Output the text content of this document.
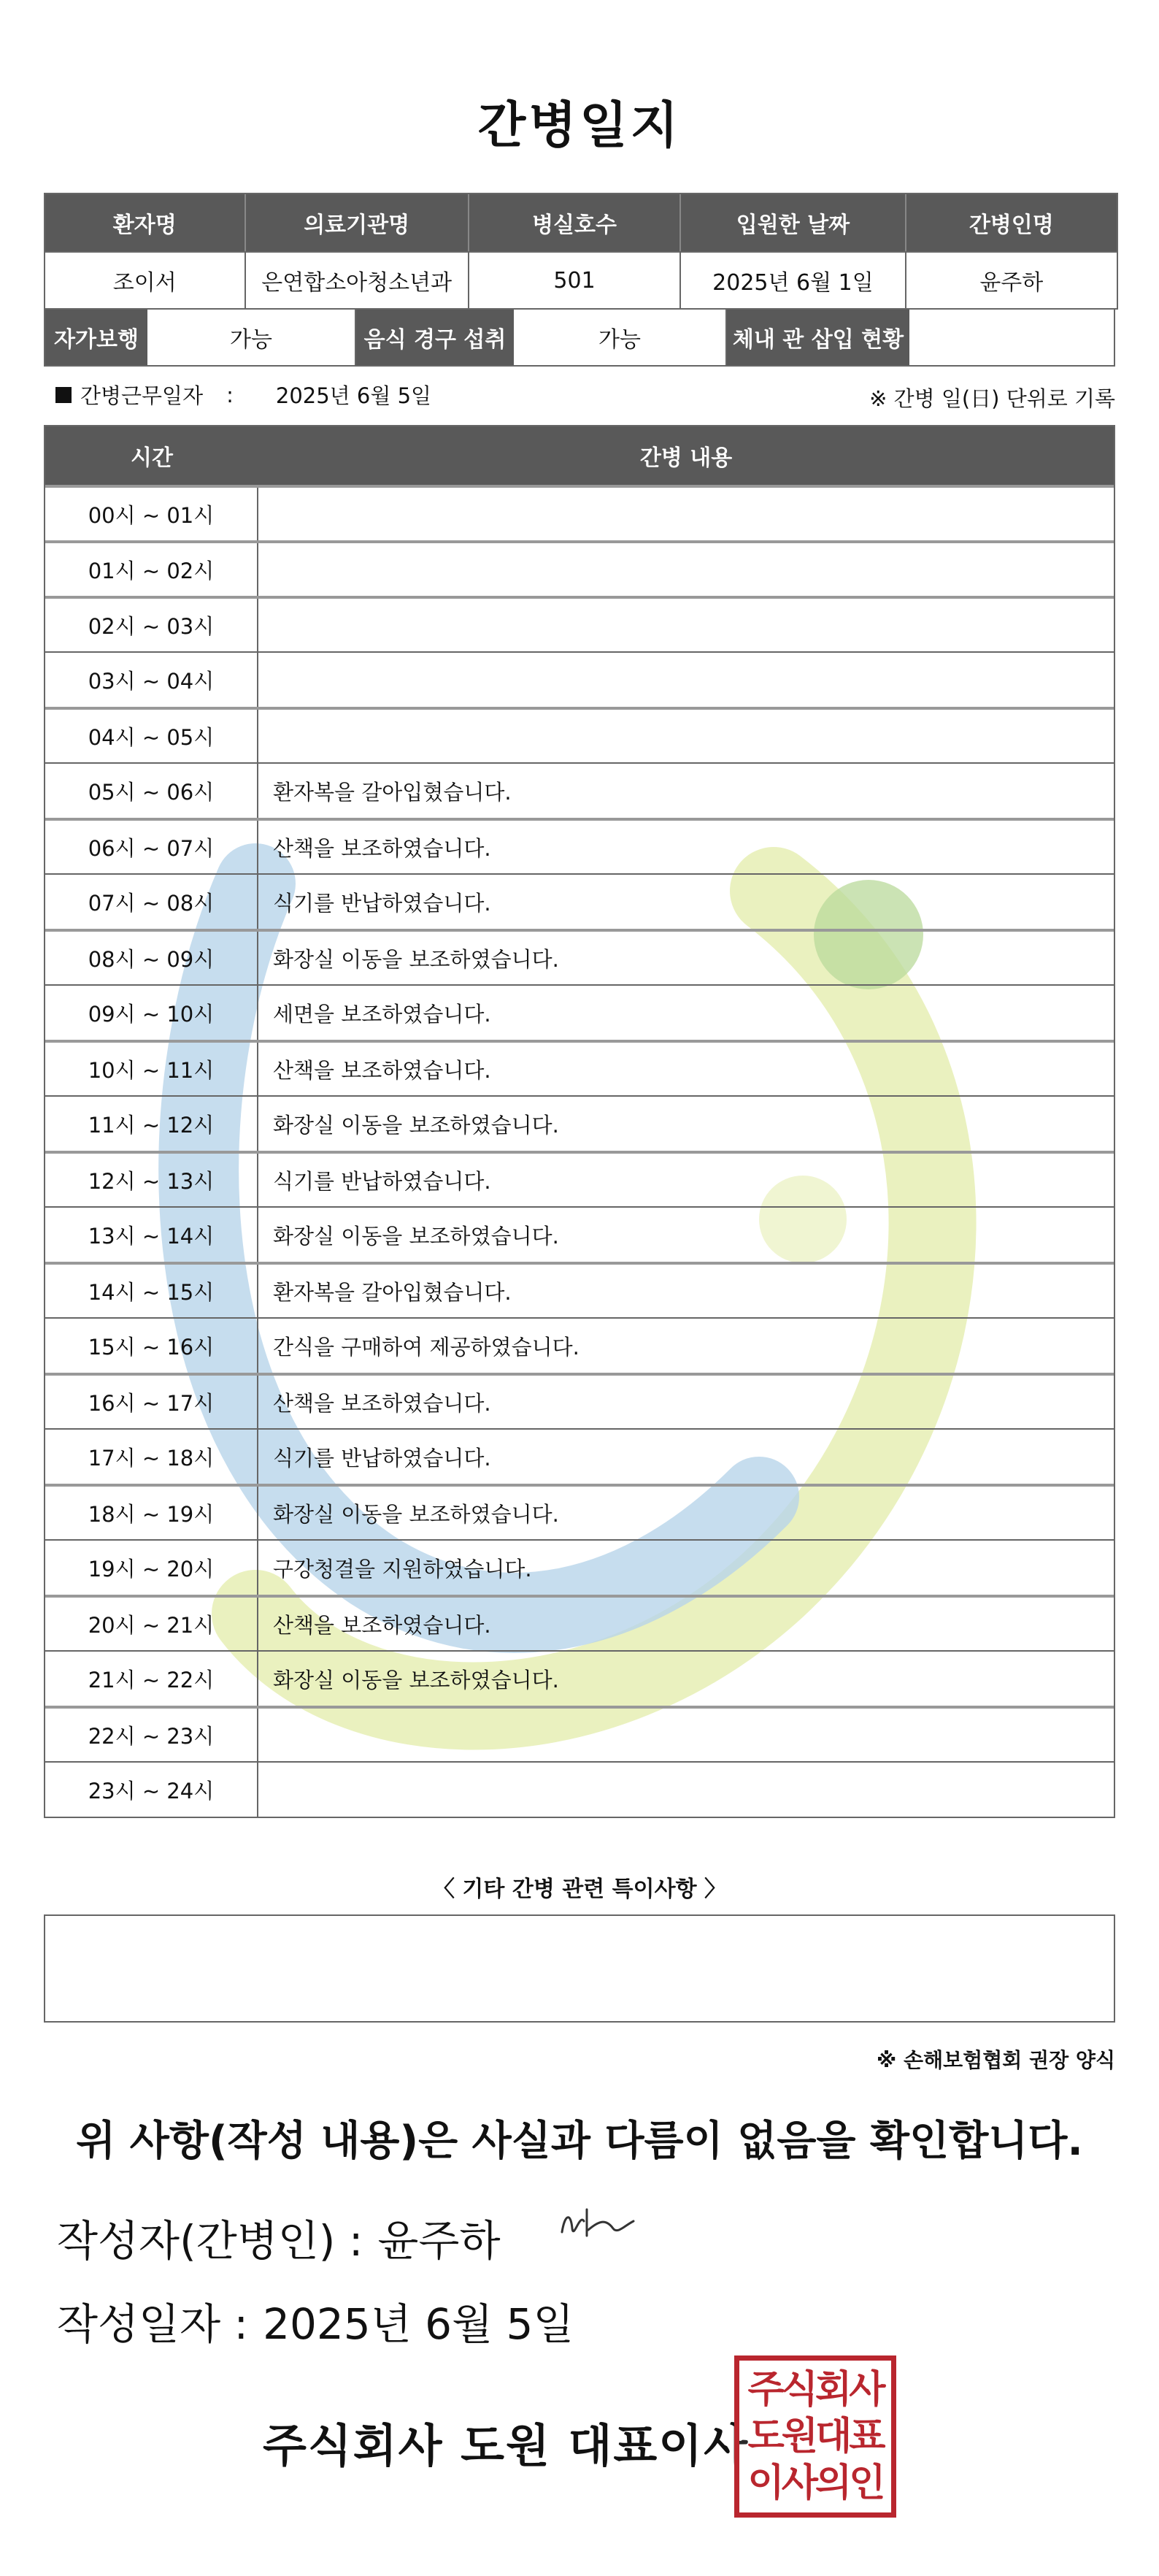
간병일지
환자명	의료기관명	병실호수	입원한 날짜	간병인명
조이서	은연합소아청소년과	501	2025년 6월 1일	윤주하
자가보행	가능	음식 경구 섭취	가능	체내 관 삽입 현황
간병근무일자 : 2025년 6월 5일	※ 간병 일(日) 단위로 기록
시간	간병 내용
00시 ~ 01시
01시 ~ 02시
02시 ~ 03시
03시 ~ 04시
04시 ~ 05시
05시 ~ 06시	환자복을 갈아입혔습니다.
06시 ~ 07시	산책을 보조하였습니다.
07시 ~ 08시	식기를 반납하였습니다.
08시 ~ 09시	화장실 이동을 보조하였습니다.
09시 ~ 10시	세면을 보조하였습니다.
10시 ~ 11시	산책을 보조하였습니다.
11시 ~ 12시	화장실 이동을 보조하였습니다.
12시 ~ 13시	식기를 반납하였습니다.
13시 ~ 14시	화장실 이동을 보조하였습니다.
14시 ~ 15시	환자복을 갈아입혔습니다.
15시 ~ 16시	간식을 구매하여 제공하였습니다.
16시 ~ 17시	산책을 보조하였습니다.
17시 ~ 18시	식기를 반납하였습니다.
18시 ~ 19시	화장실 이동을 보조하였습니다.
19시 ~ 20시	구강청결을 지원하였습니다.
20시 ~ 21시	산책을 보조하였습니다.
21시 ~ 22시	화장실 이동을 보조하였습니다.
22시 ~ 23시
23시 ~ 24시
〈 기타 간병 관련 특이사항 〉
※ 손해보험협회 권장 양식
위 사항(작성 내용)은 사실과 다름이 없음을 확인합니다.
작성자(간병인) : 윤주하
작성일자 : 2025년 6월 5일
주식회사 도원 대표이사
주식회사
도원대표
이사의인
